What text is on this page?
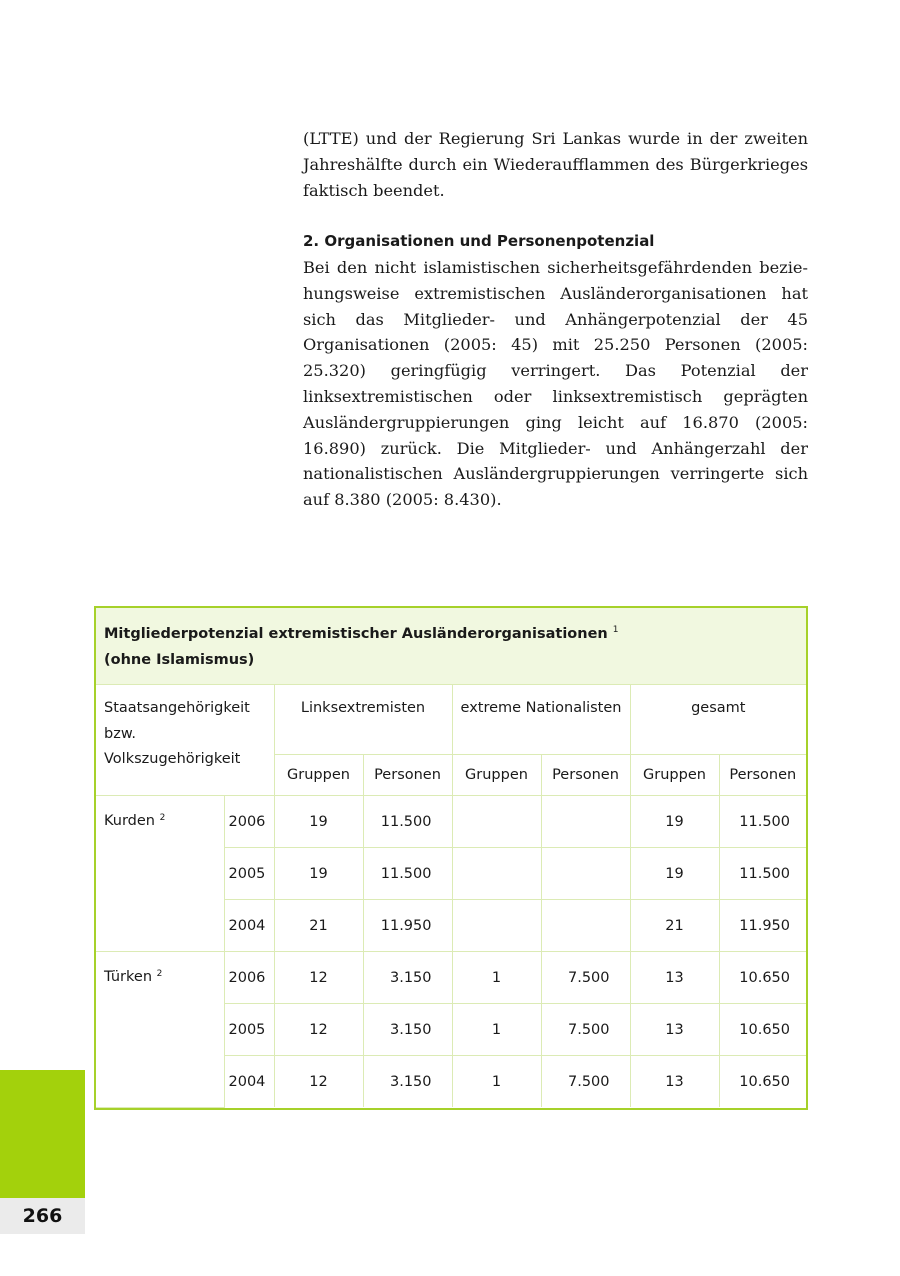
(LTTE) und der Regierung Sri Lankas wurde in der zweiten Jahreshälfte durch ein Wiederaufflammen des Bürgerkrieges faktisch beendet.

2. Organisationen und Personenpotenzial

Bei den nicht islamistischen sicherheitsgefährdenden beziehungsweise extremistischen Ausländerorganisationen hat sich das Mitglieder- und Anhängerpotenzial der 45 Organisationen (2005: 45) mit 25.250 Personen (2005: 25.320) geringfügig verringert. Das Potenzial der linksextremistischen oder linksextremistisch geprägten Ausländergruppierungen ging leicht auf 16.870 (2005: 16.890) zurück. Die Mitglieder- und Anhängerzahl der nationalistischen Ausländergruppierungen verringerte sich auf 8.380 (2005: 8.430).

Mitgliederpotenzial extremistischer Ausländerorganisationen $^1$
(ohne Islamismus)
Staatsangehörigkeit
bzw.
Volkszugehörigkeit		Linksextremisten		extreme Nationalisten		gesamt	
		Gruppen	Personen	Gruppen	Personen	Gruppen	Personen
Kurden $^2$	2006	19	11.500			19	11.500
	2005	19	11.500			19	11.500
	2004	21	11.950			21	11.950
Türken $^2$	2006	12	3.150	1	7.500	13	10.650
	2005	12	3.150	1	7.500	13	10.650
	2004	12	3.150	1	7.500	13	10.650
266
